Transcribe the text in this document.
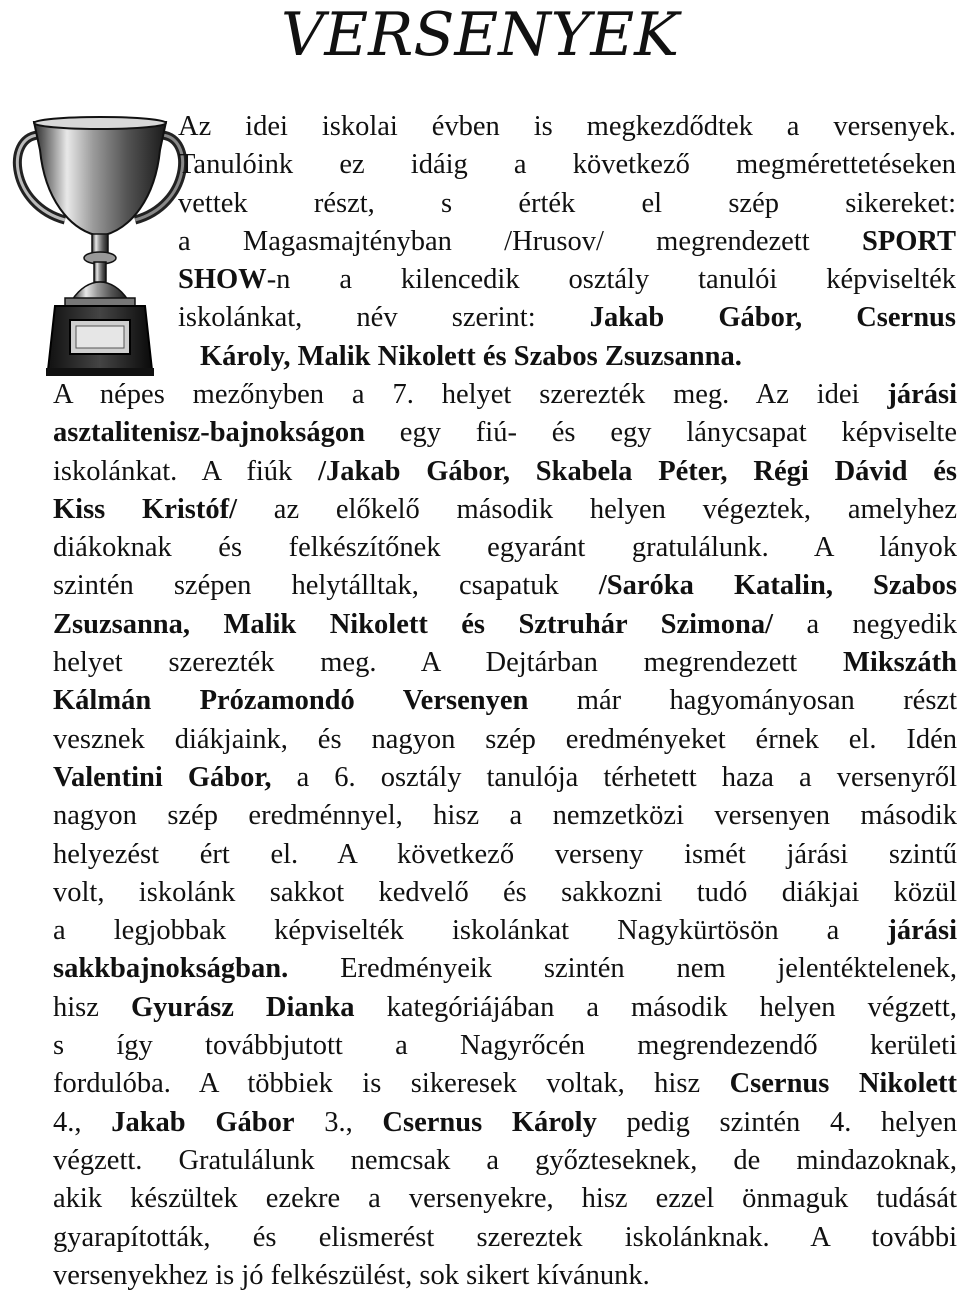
VERSENYEK
Az idei iskolai évben is megkezdődtek a versenyek.
Tanulóink ez idáig a következő megmérettetéseken
vettek részt, s érték el szép sikereket:
a Magasmajtényban /Hrusov/ megrendezett SPORT
SHOW-n a kilencedik osztály tanulói képviselték
iskolánkat, név szerint: Jakab Gábor, Csernus
Károly, Malik Nikolett és Szabos Zsuzsanna.
A népes mezőnyben a 7. helyet szerezték meg. Az idei járási
asztalitenisz-bajnokságon egy fiú- és egy lánycsapat képviselte
iskolánkat. A fiúk /Jakab Gábor, Skabela Péter, Régi Dávid és
Kiss Kristóf/ az előkelő második helyen végeztek, amelyhez
diákoknak és felkészítőnek egyaránt gratulálunk. A lányok
szintén szépen helytálltak, csapatuk /Saróka Katalin, Szabos
Zsuzsanna, Malik Nikolett és Sztruhár Szimona/ a negyedik
helyet szerezték meg. A Dejtárban megrendezett Mikszáth
Kálmán Prózamondó Versenyen már hagyományosan részt
vesznek diákjaink, és nagyon szép eredményeket érnek el. Idén
Valentini Gábor, a 6. osztály tanulója térhetett haza a versenyről
nagyon szép eredménnyel, hisz a nemzetközi versenyen második
helyezést ért el. A következő verseny ismét járási szintű
volt, iskolánk sakkot kedvelő és sakkozni tudó diákjai közül
a legjobbak képviselték iskolánkat Nagykürtösön a járási
sakkbajnokságban. Eredményeik szintén nem jelentéktelenek,
hisz Gyurász Dianka kategóriájában a második helyen végzett,
s így továbbjutott a Nagyrőcén megrendezendő kerületi
fordulóba. A többiek is sikeresek voltak, hisz Csernus Nikolett
4., Jakab Gábor 3., Csernus Károly pedig szintén 4. helyen
végzett. Gratulálunk nemcsak a győzteseknek, de mindazoknak,
akik készültek ezekre a versenyekre, hisz ezzel önmaguk tudását
gyarapították, és elismerést szereztek iskolánknak. A további
versenyekhez is jó felkészülést, sok sikert kívánunk.
